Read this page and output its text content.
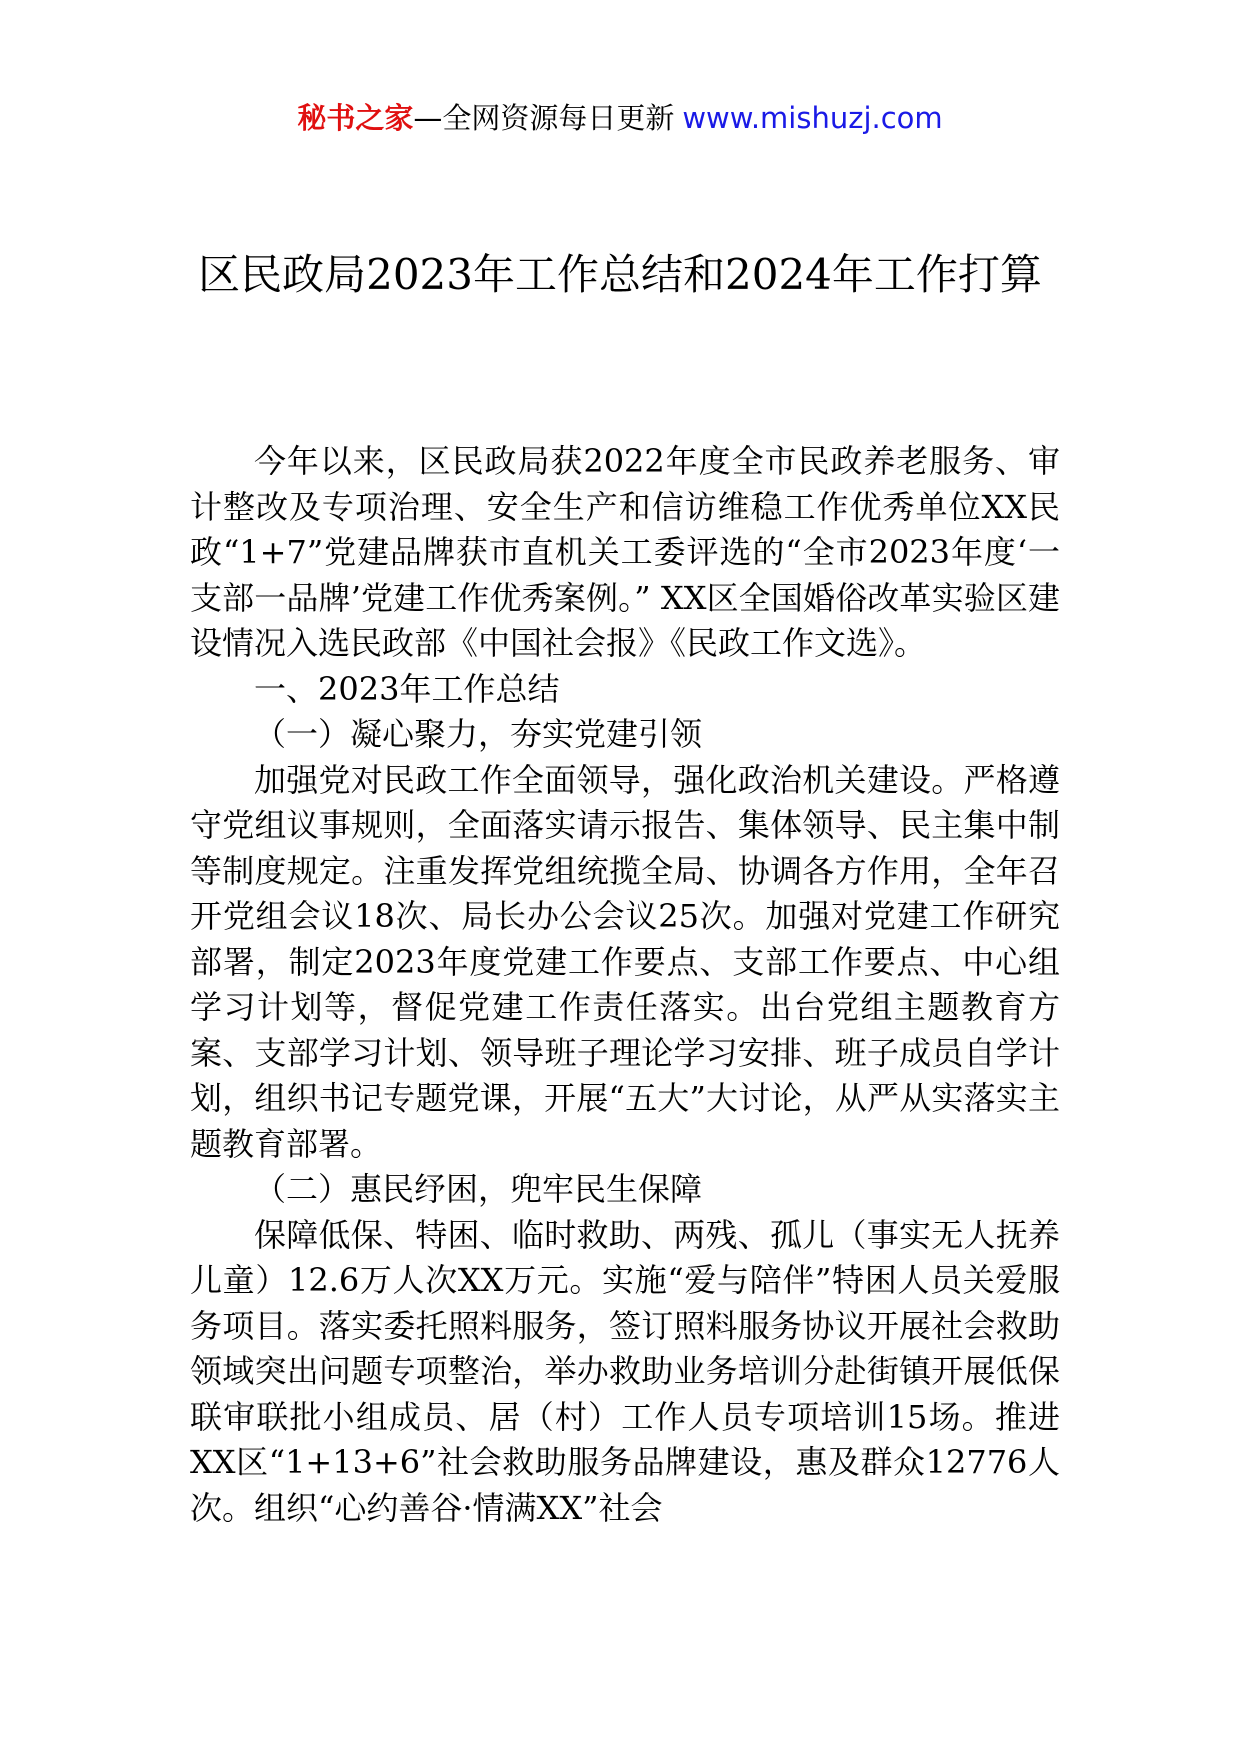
秘书之家—全网资源每日更新 www.mishuzj.com
区民政局2023年工作总结和2024年工作打算

今年以来，区民政局获2022年度全市民政养老服务、审计整改及专项治理、安全生产和信访维稳工作优秀单位XX民政“1+7”党建品牌获市直机关工委评选的“全市2023年度‘一支部一品牌’党建工作优秀案例。” XX区全国婚俗改革实验区建设情况入选民政部《中国社会报》《民政工作文选》。

一、2023年工作总结

（一）凝心聚力，夯实党建引领

加强党对民政工作全面领导，强化政治机关建设。严格遵守党组议事规则，全面落实请示报告、集体领导、民主集中制等制度规定。注重发挥党组统揽全局、协调各方作用，全年召开党组会议18次、局长办公会议25次。加强对党建工作研究部署，制定2023年度党建工作要点、支部工作要点、中心组学习计划等，督促党建工作责任落实。出台党组主题教育方案、支部学习计划、领导班子理论学习安排、班子成员自学计划，组织书记专题党课，开展“五大”大讨论，从严从实落实主题教育部署。

（二）惠民纾困，兜牢民生保障

保障低保、特困、临时救助、两残、孤儿（事实无人抚养儿童）12.6万人次XX万元。实施“爱与陪伴”特困人员关爱服务项目。落实委托照料服务，签订照料服务协议开展社会救助领域突出问题专项整治，举办救助业务培训分赴街镇开展低保联审联批小组成员、居（村）工作人员专项培训15场。推进XX区“1+13+6”社会救助服务品牌建设，惠及群众12776人次。组织“心约善谷·情满XX”社会
